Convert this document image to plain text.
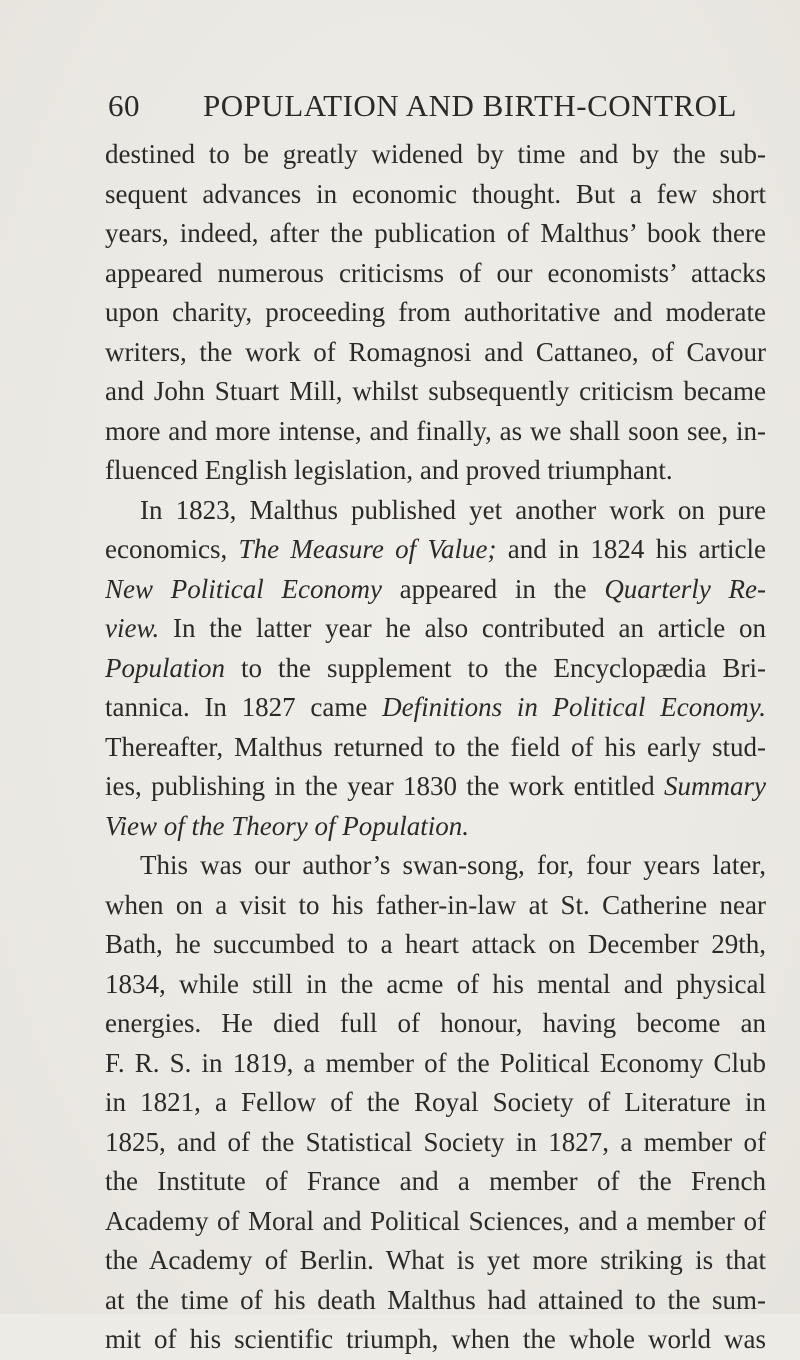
60 POPULATION AND BIRTH-CONTROL
destined to be greatly widened by time and by the sub-
sequent advances in economic thought. But a few short
years, indeed, after the publication of Malthus’ book there
appeared numerous criticisms of our economists’ attacks
upon charity, proceeding from authoritative and moderate
writers, the work of Romagnosi and Cattaneo, of Cavour
and John Stuart Mill, whilst subsequently criticism became
more and more intense, and finally, as we shall soon see, in-
fluenced English legislation, and proved triumphant.
In 1823, Malthus published yet another work on pure
economics, The Measure of Value; and in 1824 his article
New Political Economy appeared in the Quarterly Re-
view. In the latter year he also contributed an article on
Population to the supplement to the Encyclopædia Bri-
tannica. In 1827 came Definitions in Political Economy.
Thereafter, Malthus returned to the field of his early stud-
ies, publishing in the year 1830 the work entitled Summary
View of the Theory of Population.
This was our author’s swan-song, for, four years later,
when on a visit to his father-in-law at St. Catherine near
Bath, he succumbed to a heart attack on December 29th,
1834, while still in the acme of his mental and physical
energies. He died full of honour, having become an
F. R. S. in 1819, a member of the Political Economy Club
in 1821, a Fellow of the Royal Society of Literature in
1825, and of the Statistical Society in 1827, a member of
the Institute of France and a member of the French
Academy of Moral and Political Sciences, and a member of
the Academy of Berlin. What is yet more striking is that
at the time of his death Malthus had attained to the sum-
mit of his scientific triumph, when the whole world was
